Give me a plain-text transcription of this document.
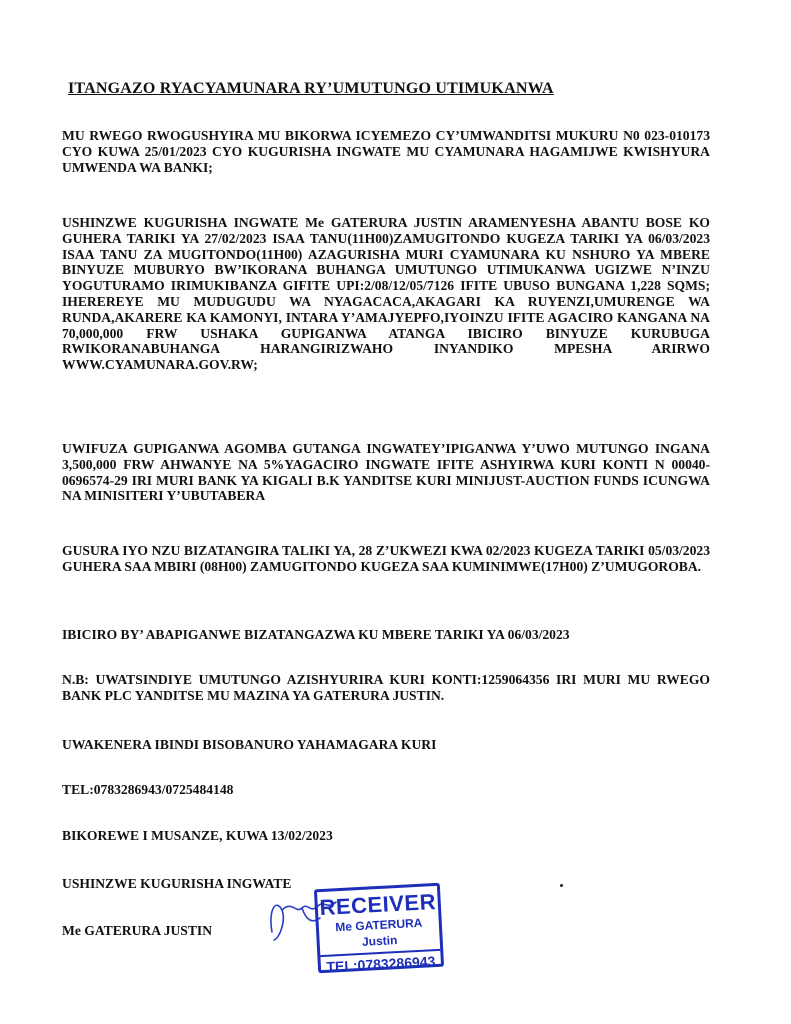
ITANGAZO RYACYAMUNARA RY’UMUTUNGO UTIMUKANWA
MU RWEGO RWOGUSHYIRA MU BIKORWA ICYEMEZO CY’UMWANDITSI MUKURU N0 023-010173 CYO KUWA 25/01/2023 CYO KUGURISHA INGWATE MU CYAMUNARA HAGAMIJWE KWISHYURA UMWENDA WA BANKI;
USHINZWE KUGURISHA INGWATE Me GATERURA JUSTIN ARAMENYESHA ABANTU BOSE KO GUHERA TARIKI YA 27/02/2023 ISAA TANU(11H00)ZAMUGITONDO KUGEZA TARIKI YA 06/03/2023 ISAA TANU ZA MUGITONDO(11H00) AZAGURISHA MURI CYAMUNARA KU NSHURO YA MBERE BINYUZE MUBURYO BW’IKORANA BUHANGA UMUTUNGO UTIMUKANWA UGIZWE N’INZU YOGUTURAMO IRIMUKIBANZA GIFITE UPI:2/08/12/05/7126 IFITE UBUSO BUNGANA 1,228 SQMS; IHEREREYE MU MUDUGUDU WA NYAGACACA,AKAGARI KA RUYENZI,UMURENGE WA RUNDA,AKARERE KA KAMONYI, INTARA Y’AMAJYEPFO,IYOINZU IFITE AGACIRO KANGANA NA 70,000,000 FRW USHAKA GUPIGANWA ATANGA IBICIRO BINYUZE KURUBUGA RWIKORANABUHANGA HARANGIRIZWAHO INYANDIKO MPESHA ARIRWO WWW.CYAMUNARA.GOV.RW;
UWIFUZA GUPIGANWA AGOMBA GUTANGA INGWATEY’IPIGANWA Y’UWO MUTUNGO INGANA 3,500,000 FRW AHWANYE NA 5%YAGACIRO INGWATE IFITE ASHYIRWA KURI KONTI N 00040-0696574-29 IRI MURI BANK YA KIGALI B.K YANDITSE KURI MINIJUST-AUCTION FUNDS ICUNGWA NA MINISITERI Y’UBUTABERA
GUSURA IYO NZU BIZATANGIRA TALIKI YA, 28 Z’UKWEZI KWA 02/2023 KUGEZA TARIKI 05/03/2023 GUHERA SAA MBIRI (08H00) ZAMUGITONDO KUGEZA SAA KUMINIMWE(17H00) Z’UMUGOROBA.
IBICIRO BY’ ABAPIGANWE BIZATANGAZWA KU MBERE TARIKI YA 06/03/2023
N.B: UWATSINDIYE UMUTUNGO AZISHYURIRA KURI KONTI:1259064356 IRI MURI MU RWEGO BANK PLC YANDITSE MU MAZINA YA GATERURA JUSTIN.
UWAKENERA IBINDI BISOBANURO YAHAMAGARA KURI
TEL:0783286943/0725484148
BIKOREWE I MUSANZE, KUWA 13/02/2023
USHINZWE KUGURISHA INGWATE
Me GATERURA JUSTIN
RECEIVER
Me GATERURA Justin
TEL:0783286943
